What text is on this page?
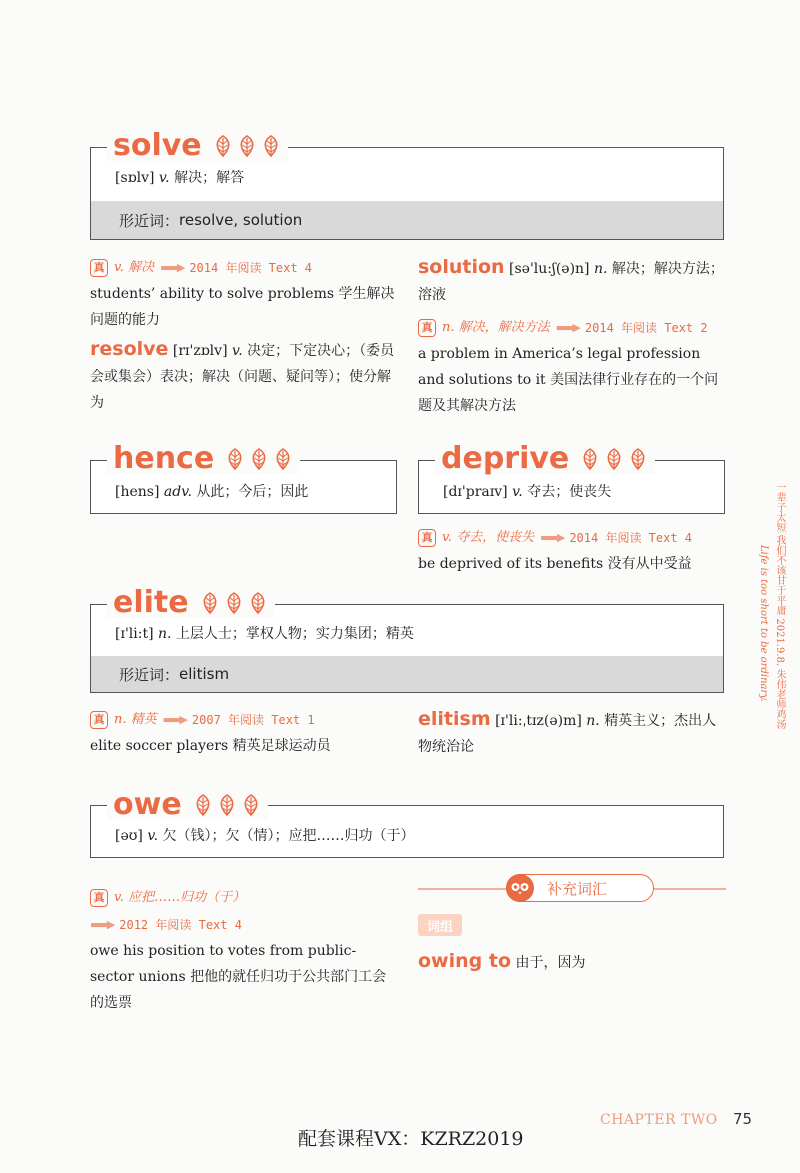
形近词： resolve, solution
solve
[sɒlv] v. 解决；解答
真 v. 解决 ▬▬▶ 2014 年阅读 Text 4
students’ ability to solve problems 学生解决问题的能力
resolve [rɪ'zɒlv] v. 决定；下定决心；（委员会或集会）表决；解决（问题、疑问等）；使分解为
solution [sə'lu:ʃ(ə)n] n. 解决；解决方法；溶液
真 n. 解决，解决方法 ▬▬▶ 2014 年阅读 Text 2
a problem in America’s legal profession and solutions to it 美国法律行业存在的一个问题及其解决方法
hence
[hens] adv. 从此；今后；因此
deprive
[dɪ'praɪv] v. 夺去；使丧失
真 v. 夺去，使丧失 ▬▬▶ 2014 年阅读 Text 4
be deprived of its benefits 没有从中受益
形近词： elitism
elite
[ɪ'li:t] n. 上层人士；掌权人物；实力集团；精英
真 n. 精英 ▬▬▶ 2007 年阅读 Text 1
elite soccer players 精英足球运动员
elitism [ɪ'li:ˌtɪz(ə)m] n. 精英主义；杰出人物统治论
owe
[əʊ] v. 欠（钱）；欠（情）；应把……归功（于）
真 v. 应把……归功（于）

▬▬▶ 2012 年阅读 Text 4
owe his position to votes from public-sector unions 把他的就任归功于公共部门工会的选票
补充词汇
词组
owing to 由于，因为
一辈子太短 我们不该甘于平庸 2021.9.8. 朱伟老师鸡汤
Life is too short to be ordinary.
CHAPTER TWO 75
配套课程VX：KZRZ2019
